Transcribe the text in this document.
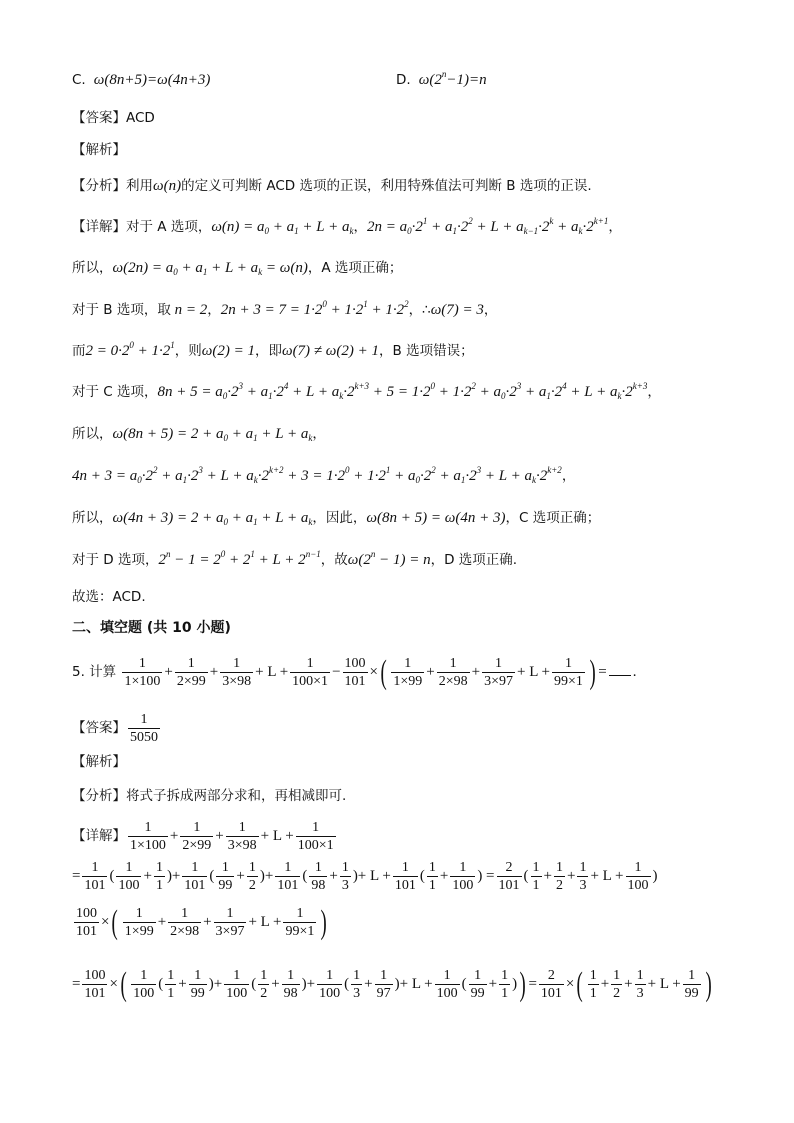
C.  ω(8n+5)=ω(4n+3)	D.  $\omega(2^n-1)=n$
【答案】ACD
【解析】
【分析】利用ω(n)的定义可判断 ACD 选项的正误，利用特殊值法可判断 B 选项的正误.
【详解】对于 A 选项，$\omega(n) = a_0 + a_1 + L + a_k$，$2n = a_0\cdot 2^1 + a_1\cdot 2^2 + L + a_{k-1}\cdot 2^k + a_k\cdot 2^{k+1}$，
所以，$\omega(2n) = a_0 + a_1 + L + a_k = \omega(n)$，A 选项正确；
对于 B 选项，取 n = 2，$2n + 3 = 7 = 1\cdot 2^0 + 1\cdot 2^1 + 1\cdot 2^2$，∴ω(7) = 3，
而$2 = 0\cdot 2^0 + 1\cdot 2^1$，则ω(2) = 1，即ω(7) ≠ ω(2) + 1，B 选项错误；
对于 C 选项，$8n + 5 = a_0\cdot 2^3 + a_1\cdot 2^4 + L + a_k\cdot 2^{k+3} + 5 = 1\cdot 2^0 + 1\cdot 2^2 + a_0\cdot 2^3 + a_1\cdot 2^4 + L + a_k\cdot 2^{k+3}$，
所以，$\omega(8n + 5) = 2 + a_0 + a_1 + L + a_k$，
$4n + 3 = a_0\cdot 2^2 + a_1\cdot 2^3 + L + a_k\cdot 2^{k+2} + 3 = 1\cdot 2^0 + 1\cdot 2^1 + a_0\cdot 2^2 + a_1\cdot 2^3 + L + a_k\cdot 2^{k+2}$，
所以，$\omega(4n + 3) = 2 + a_0 + a_1 + L + a_k$，因此，ω(8n + 5) = ω(4n + 3)，C 选项正确；
对于 D 选项，$2^n - 1 = 2^0 + 2^1 + L + 2^{n-1}$，故$\omega(2^n - 1) = n$，D 选项正确.
故选：ACD.
二、填空题 (共 10 小题)
5. 计算 $\frac{1}{1\times 100} + \frac{1}{2\times 99} + \frac{1}{3\times 98} + L + \frac{1}{100\times 1} - \frac{100}{101}$ ×( $\frac{1}{1\times 99} + \frac{1}{2\times 98} + \frac{1}{3\times 97} + L + \frac{1}{99\times 1}$ ) = .
【答案】 $\frac{1}{5050}$
【解析】
【分析】将式子拆成两部分求和，再相减即可.
【详解】 $\frac{1}{1\times 100} + \frac{1}{2\times 99} + \frac{1}{3\times 98} + L + \frac{1}{100\times 1}$
= $\frac{1}{101}$ ( $\frac{1}{100} + \frac{1}{1}$ )+ $\frac{1}{101}$ ( $\frac{1}{99} + \frac{1}{2}$ )+ $\frac{1}{101}$ ( $\frac{1}{98} + \frac{1}{3}$ )+ $L + \frac{1}{101}$ ( $\frac{1}{1} + \frac{1}{100}$ ) = $\frac{2}{101}$ ( $\frac{1}{1} + \frac{1}{2} + \frac{1}{3} + L + \frac{1}{100}$ )
$\frac{100}{101}$ ×( $\frac{1}{1\times 99} + \frac{1}{2\times 98} + \frac{1}{3\times 97} + L + \frac{1}{99\times 1}$ )
= $\frac{100}{101}$ ×( $\frac{1}{100}$ ( $\frac{1}{1} + \frac{1}{99}$ )+ $\frac{1}{100}$ ( $\frac{1}{2} + \frac{1}{98}$ )+ $\frac{1}{100}$ ( $\frac{1}{3} + \frac{1}{97}$ )+ $L + \frac{1}{100}$ ( $\frac{1}{99} + \frac{1}{1}$ )) = $\frac{2}{101}$ ×( $\frac{1}{1} + \frac{1}{2} + \frac{1}{3} + L + \frac{1}{99}$ )
